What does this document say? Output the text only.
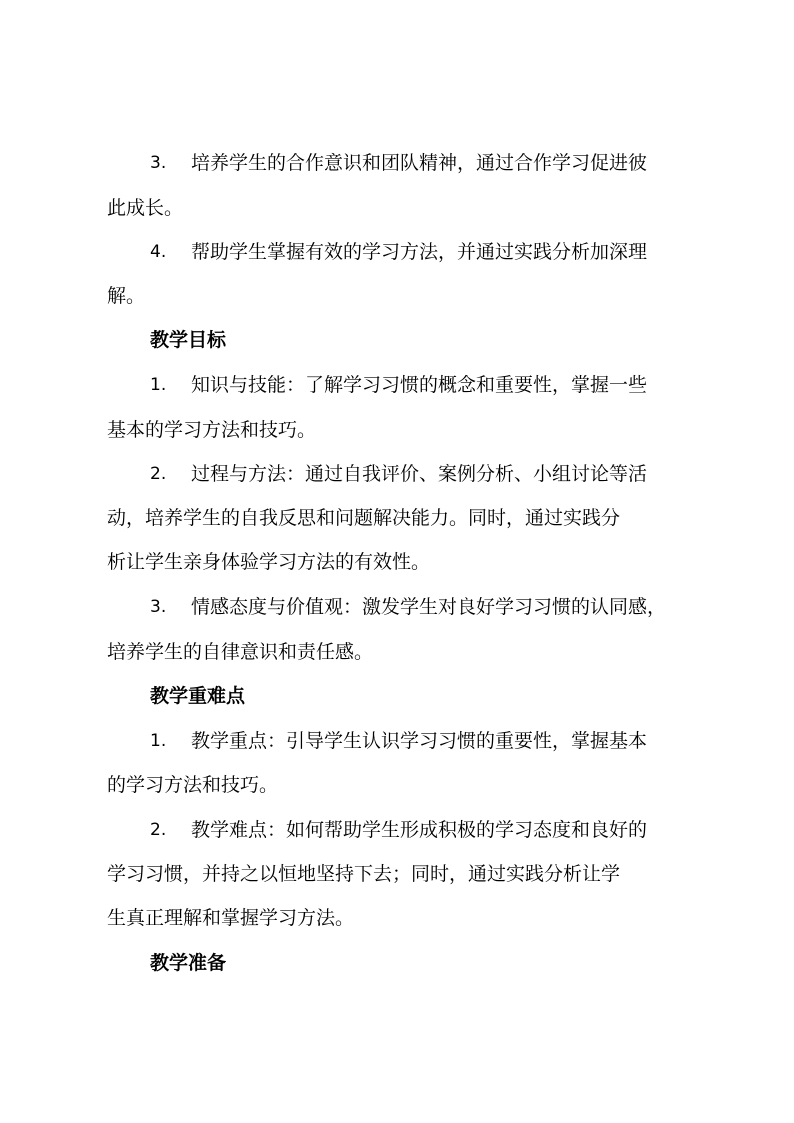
3. 培养学生的合作意识和团队精神，通过合作学习促进彼
此成长。
4. 帮助学生掌握有效的学习方法，并通过实践分析加深理
解。
教学目标
1. 知识与技能：了解学习习惯的概念和重要性，掌握一些
基本的学习方法和技巧。
2. 过程与方法：通过自我评价、案例分析、小组讨论等活
动，培养学生的自我反思和问题解决能力。同时，通过实践分
析让学生亲身体验学习方法的有效性。
3. 情感态度与价值观：激发学生对良好学习习惯的认同感，
培养学生的自律意识和责任感。
教学重难点
1. 教学重点：引导学生认识学习习惯的重要性，掌握基本
的学习方法和技巧。
2. 教学难点：如何帮助学生形成积极的学习态度和良好的
学习习惯，并持之以恒地坚持下去；同时，通过实践分析让学
生真正理解和掌握学习方法。
教学准备
